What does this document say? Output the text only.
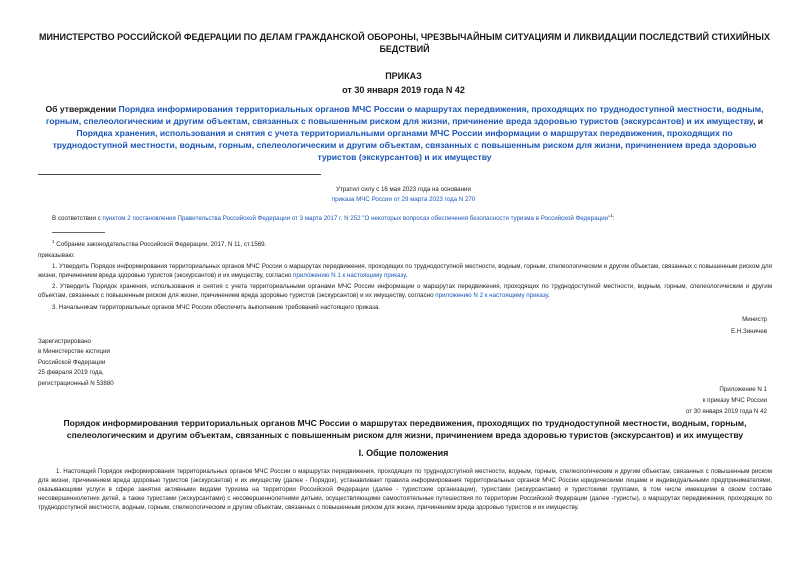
МИНИСТЕРСТВО РОССИЙСКОЙ ФЕДЕРАЦИИ ПО ДЕЛАМ ГРАЖДАНСКОЙ ОБОРОНЫ, ЧРЕЗВЫЧАЙНЫМ СИТУАЦИЯМ И ЛИКВИДАЦИИ ПОСЛЕДСТВИЙ СТИХИЙНЫХ БЕДСТВИЙ
ПРИКАЗ
от 30 января 2019 года N 42
Об утверждении Порядка информирования территориальных органов МЧС России о маршрутах передвижения, проходящих по труднодоступной местности, водным, горным, спелеологическим и другим объектам, связанных с повышенным риском для жизни, причинение вреда здоровью туристов (экскурсантов) и их имуществу, и Порядка хранения, использования и снятия с учета территориальными органами МЧС России информации о маршрутах передвижения, проходящих по труднодоступной местности, водным, горным, спелеологическим и другим объектам, связанных с повышенным риском для жизни, причинением вреда здоровью туристов (экскурсантов) и их имуществу
Утратил силу с 16 мая 2023 года на основании
приказа МЧС России от 29 марта 2023 года N 270
В соответствии с пунктом 2 постановления Правительства Российской Федерации от 3 марта 2017 г. N 252 "О некоторых вопросах обеспечения безопасности туризма в Российской Федерации"$^1$:
$^1$ Собрание законодательства Российской Федерации, 2017, N 11, ст.1569.
приказываю:
1. Утвердить Порядок информирования территориальных органов МЧС России о маршрутах передвижения, проходящих по труднодоступной местности, водным, горным, спелеологическим и другим объектам, связанных с повышенным риском для жизни, причинением вреда здоровью туристов (экскурсантов) и их имуществу, согласно приложению N 1 к настоящему приказу.
2. Утвердить Порядок хранения, использования и снятия с учета территориальными органами МЧС России информации о маршрутах передвижения, проходящих по труднодоступной местности, водным, горным, спелеологическим и другим объектам, связанных с повышенным риском для жизни, причинением вреда здоровью туристов (экскурсантов) и их имуществу, согласно приложению N 2 к настоящему приказу.
3. Начальникам территориальных органов МЧС России обеспечить выполнение требований настоящего приказа.
Министр
Е.Н.Зиничев
Зарегистрировано
в Министерстве юстиции
Российской Федерации
25 февраля 2019 года,
регистрационный N 53880
Приложение N 1
к приказу МЧС России
от 30 января 2019 года N 42
Порядок информирования территориальных органов МЧС России о маршрутах передвижения, проходящих по труднодоступной местности, водным, горным, спелеологическим и другим объектам, связанных с повышенным риском для жизни, причинением вреда здоровью туристов (экскурсантов) и их имуществу
I. Общие положения
1. Настоящий Порядок информирования территориальных органов МЧС России о маршрутах передвижения, проходящих по труднодоступной местности, водным, горным, спелеологическим и другим объектам, связанных с повышенным риском для жизни, причинением вреда здоровью туристов (экскурсантов) и их имуществу (далее - Порядок), устанавливает правила информирования территориальных органов МЧС России юридическими лицами и индивидуальными предпринимателями, оказывающими услуги в сфере занятия активными видами туризма на территории Российской Федерации (далее - туристские организации), туристами (экскурсантами) и туристскими группами, в том числе имеющими в своем составе несовершеннолетних детей, а также туристами (экскурсантами) с несовершеннолетними детьми, осуществляющими самостоятельные путешествия по территории Российской Федерации (далее -туристы), о маршрутах передвижения, проходящих по труднодоступной местности, водным, горным, спелеологическим и другим объектам, связанных с повышенным риском для жизни, причинением вреда здоровью туристов и их имуществу.
